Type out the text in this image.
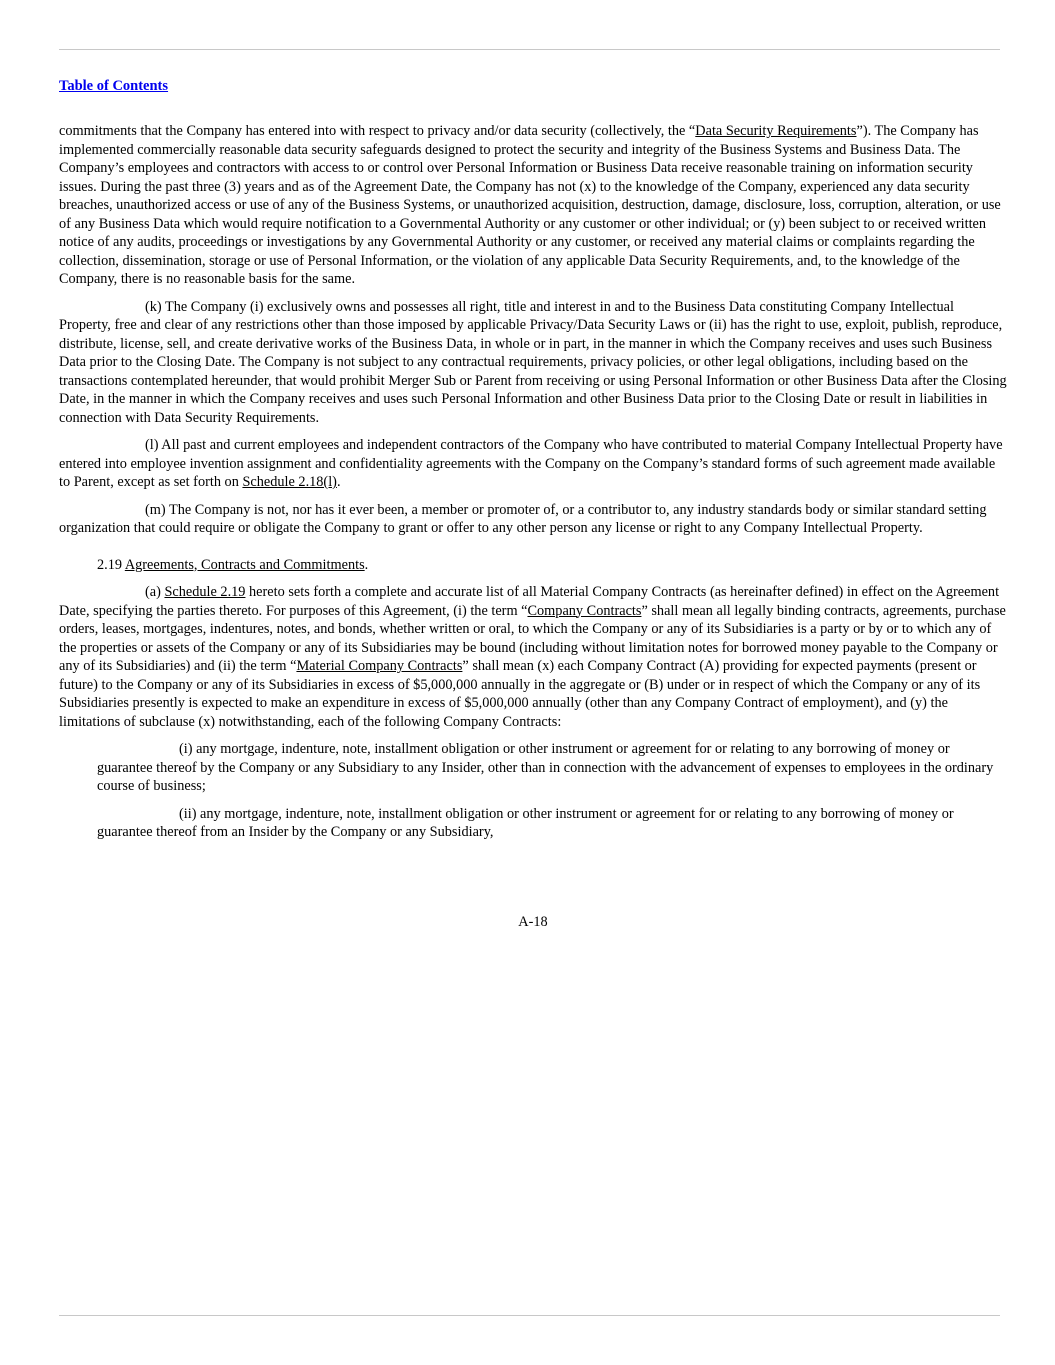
Table of Contents

commitments that the Company has entered into with respect to privacy and/or data security (collectively, the “Data Security Requirements”). The Company has implemented commercially reasonable data security safeguards designed to protect the security and integrity of the Business Systems and Business Data. The Company’s employees and contractors with access to or control over Personal Information or Business Data receive reasonable training on information security issues. During the past three (3) years and as of the Agreement Date, the Company has not (x) to the knowledge of the Company, experienced any data security breaches, unauthorized access or use of any of the Business Systems, or unauthorized acquisition, destruction, damage, disclosure, loss, corruption, alteration, or use of any Business Data which would require notification to a Governmental Authority or any customer or other individual; or (y) been subject to or received written notice of any audits, proceedings or investigations by any Governmental Authority or any customer, or received any material claims or complaints regarding the collection, dissemination, storage or use of Personal Information, or the violation of any applicable Data Security Requirements, and, to the knowledge of the Company, there is no reasonable basis for the same.

(k) The Company (i) exclusively owns and possesses all right, title and interest in and to the Business Data constituting Company Intellectual Property, free and clear of any restrictions other than those imposed by applicable Privacy/Data Security Laws or (ii) has the right to use, exploit, publish, reproduce, distribute, license, sell, and create derivative works of the Business Data, in whole or in part, in the manner in which the Company receives and uses such Business Data prior to the Closing Date. The Company is not subject to any contractual requirements, privacy policies, or other legal obligations, including based on the transactions contemplated hereunder, that would prohibit Merger Sub or Parent from receiving or using Personal Information or other Business Data after the Closing Date, in the manner in which the Company receives and uses such Personal Information and other Business Data prior to the Closing Date or result in liabilities in connection with Data Security Requirements.

(l) All past and current employees and independent contractors of the Company who have contributed to material Company Intellectual Property have entered into employee invention assignment and confidentiality agreements with the Company on the Company’s standard forms of such agreement made available to Parent, except as set forth on Schedule 2.18(l).

(m) The Company is not, nor has it ever been, a member or promoter of, or a contributor to, any industry standards body or similar standard setting organization that could require or obligate the Company to grant or offer to any other person any license or right to any Company Intellectual Property.

2.19 Agreements, Contracts and Commitments.

(a) Schedule 2.19 hereto sets forth a complete and accurate list of all Material Company Contracts (as hereinafter defined) in effect on the Agreement Date, specifying the parties thereto. For purposes of this Agreement, (i) the term “Company Contracts” shall mean all legally binding contracts, agreements, purchase orders, leases, mortgages, indentures, notes, and bonds, whether written or oral, to which the Company or any of its Subsidiaries is a party or by or to which any of the properties or assets of the Company or any of its Subsidiaries may be bound (including without limitation notes for borrowed money payable to the Company or any of its Subsidiaries) and (ii) the term “Material Company Contracts” shall mean (x) each Company Contract (A) providing for expected payments (present or future) to the Company or any of its Subsidiaries in excess of $5,000,000 annually in the aggregate or (B) under or in respect of which the Company or any of its Subsidiaries presently is expected to make an expenditure in excess of $5,000,000 annually (other than any Company Contract of employment), and (y) the limitations of subclause (x) notwithstanding, each of the following Company Contracts:

(i) any mortgage, indenture, note, installment obligation or other instrument or agreement for or relating to any borrowing of money or guarantee thereof by the Company or any Subsidiary to any Insider, other than in connection with the advancement of expenses to employees in the ordinary course of business;

(ii) any mortgage, indenture, note, installment obligation or other instrument or agreement for or relating to any borrowing of money or guarantee thereof from an Insider by the Company or any Subsidiary,

A-18
